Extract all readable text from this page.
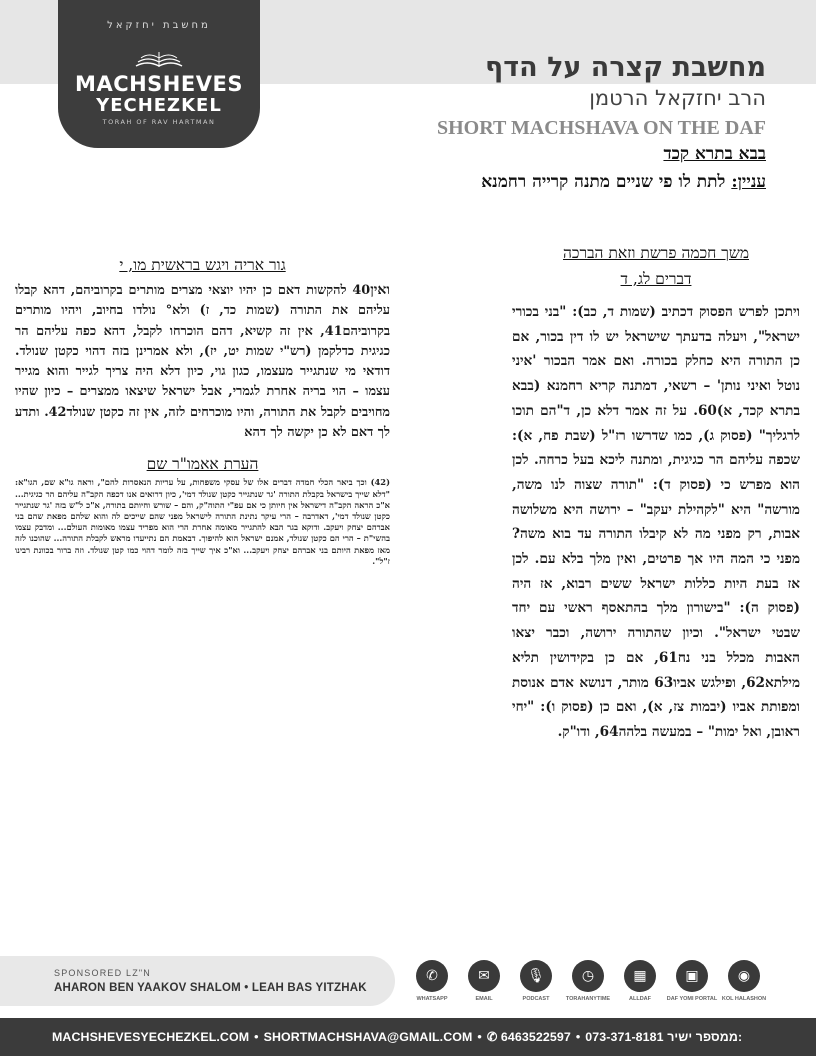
מחשבת יחזקאל
MACHSHEVES
YECHEZKEL
TORAH OF RAV HARTMAN
מחשבת קצרה על הדף
הרב יחזקאל הרטמן
SHORT MACHSHAVA ON THE DAF
בבא בתרא קכד
עניין: לתת לו פי שניים מתנה קרייה רחמנא
משך חכמה פרשת וזאת הברכה
דברים לג, ד
ויתכן לפרש הפסוק דכתיב (שמות ד, כב): "בני בכורי ישראל", ויעלה בדעתך שישראל יש לו דין בכור, אם כן התורה היא כחלק בכורה. ואם אמר הבכור 'איני נוטל ואיני נותן' – רשאי, דמתנה קריא רחמנא (בבא בתרא קכד, א)60. על זה אמר דלא כן, ד"הם תוכו לרגליך" (פסוק ג), כמו שדרשו רז"ל (שבת פח, א): שכפה עליהם הר כגיגית, ומתנה ליכא בעל כרחה. לכן הוא מפרש כי (פסוק ד): "תורה שצוה לנו משה, מורשה" היא "לקהילת יעקב" – ירושה היא משלושה אבות, רק מפני מה לא קיבלו התורה עד בוא משה? מפני כי המה היו אך פרטים, ואין מלך בלא עם. לכן אז בעת היות כללות ישראל ששים רבוא, אז היה (פסוק ה): "בישורון מלך בהתאסף ראשי עם יחד שבטי ישראל". וכיון שהתורה ירושה, וכבר יצאו האבות מכלל בני נח61, אם כן בקידושין תליא מילתא62, ופילגש אביו63 מותר, דנושא אדם אנוסת ומפותת אביו (יבמות צז, א), ואם כן (פסוק ו): "יחי ראובן, ואל ימות" – במעשה בלהה64, ודו"ק.
גור אריה ויגש בראשית מו, י
ואין40 להקשות דאם כן יהיו יוצאי מצרים מותרים בקרוביהם, דהא קבלו עליהם את התורה (שמות כד, ז) ולא° נולדו בחיוב, ויהיו מותרים בקרוביהם41, אין זה קשיא, דהם הוכרחו לקבל, דהא כפה עליהם הר כגיגית כדלקמן (רש"י שמות יט, יז), ולא אמרינן בזה דהוי כקטן שנולד. דודאי מי שנתגייר מעצמו, כגון גוי, כיון דלא היה צריך לגייר והוא מגייר עצמו – הוי בריה אחרת לגמרי, אבל ישראל שיצאו ממצרים – כיון שהיו מחויבים לקבל את התורה, והיו מוכרחים לזה, אין זה כקטן שנולד42. ותדע לך דאם לא כן יקשה לך דהא
הערת אאמו"ר שם
(42) וכך ביאר הכלי חמדה דברים אלו של עסקי משפחות, על עריות הנאסרות להם", וראה גו"א שם, הגו"א: "דלא שייך בישראל בקבלת התורה 'גר שנתגייר כקטן שנולד דמי', כיון דרואים אנו דכפה הקב"ה עליהם הר כגיגית... א"כ הראה הקב"ה דישראל אין חיותן כי אם עפ"י התוה"ק, והם – שורש וחיותם בתורה, א"כ ל"ש בזה 'גר שנתגייר כקטן שנולד דמי', דאדרבה – הרי עיקר נתינת התורה לישראל מפני שהם שייכים לה והוא שלהם מפאת שהם בני אברהם יצחק ויעקב. ודוקא בגר הבא להתגייר מאומה אחרת הרי הוא מפריד עצמו מאומות העולם... ומדבק עצמו בהשי"ת – הרי הם כקטן שנולד, אמנם ישראל הוא להיפוך. דבאמת הם נתייעדו מראש לקבלת התורה... שהוכנו לזה מאז מפאת היותם בני אברהם יצחק ויעקב... וא"כ איך שייך בזה לומר דהוי כמו קטן שנולד. וזה ברור בכוונת רבינו ז"ל".
SPONSORED LZ"N
AHARON BEN YAAKOV SHALOM • LEAH BAS YITZHAK
✆
WHATSAPP
✉
EMAIL
🎙
PODCAST
◷
TORAHANYTIME
▦
ALLDAF
▣
DAF YOMI PORTAL
◉
KOL HALASHON
MACHSHEVESYECHEZKEL.COM • SHORTMACHSHAVA@GMAIL.COM • ✆ 6463522597 • 073-371-8181 ממספר ישיר:
